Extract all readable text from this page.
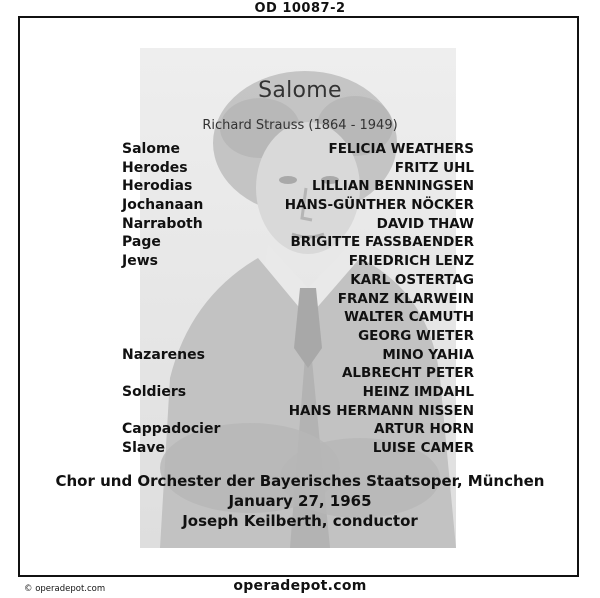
OD 10087-2
Salome
Richard Strauss (1864 - 1949)
Salome	FELICIA WEATHERS
Herodes	FRITZ UHL
Herodias	LILLIAN BENNINGSEN
Jochanaan	HANS-GÜNTHER NÖCKER
Narraboth	DAVID THAW
Page	BRIGITTE FASSBAENDER
Jews	FRIEDRICH LENZ
KARL OSTERTAG
FRANZ KLARWEIN
WALTER CAMUTH
GEORG WIETER
Nazarenes	MINO YAHIA
ALBRECHT PETER
Soldiers	HEINZ IMDAHL
HANS HERMANN NISSEN
Cappadocier	ARTUR HORN
Slave	LUISE CAMER
Chor und Orchester der Bayerisches Staatsoper, München
January 27, 1965
Joseph Keilberth, conductor
© operadepot.com	operadepot.com
